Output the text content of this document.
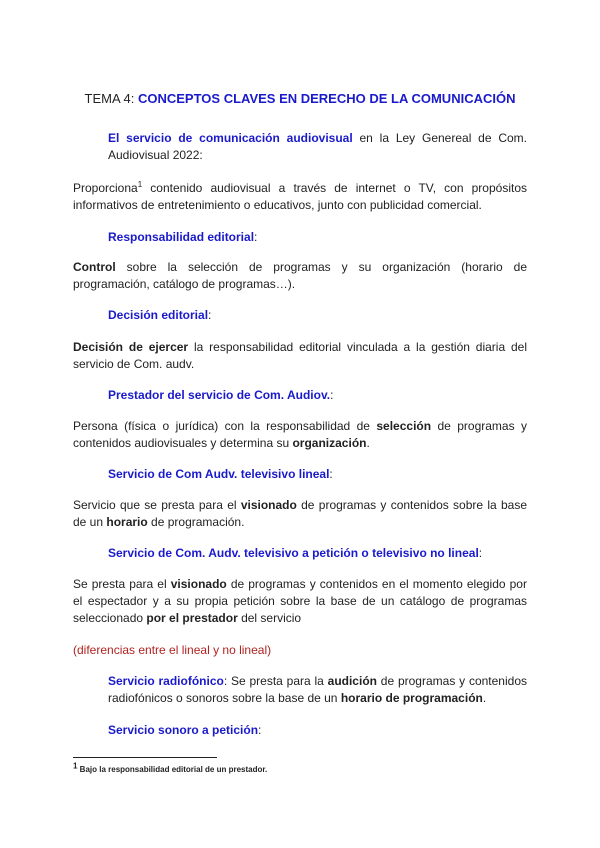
TEMA 4: CONCEPTOS CLAVES EN DERECHO DE LA COMUNICACIÓN
El servicio de comunicación audiovisual en la Ley Genereal de Com. Audiovisual 2022:
Proporciona$^1$ contenido audiovisual a través de internet o TV, con propósitos informativos de entretenimiento o educativos, junto con publicidad comercial.
Responsabilidad editorial:
Control sobre la selección de programas y su organización (horario de programación, catálogo de programas…).
Decisión editorial:
Decisión de ejercer la responsabilidad editorial vinculada a la gestión diaria del servicio de Com. audv.
Prestador del servicio de Com. Audiov.:
Persona (física o jurídica) con la responsabilidad de selección de programas y contenidos audiovisuales y determina su organización.
Servicio de Com Audv. televisivo lineal:
Servicio que se presta para el visionado de programas y contenidos sobre la base de un horario de programación.
Servicio de Com. Audv. televisivo a petición o televisivo no lineal:
Se presta para el visionado de programas y contenidos en el momento elegido por el espectador y a su propia petición sobre la base de un catálogo de programas seleccionado por el prestador del servicio
(diferencias entre el lineal y no lineal)
Servicio radiofónico: Se presta para la audición de programas y contenidos radiofónicos o sonoros sobre la base de un horario de programación.
Servicio sonoro a petición:
$^1$ Bajo la responsabilidad editorial de un prestador.
